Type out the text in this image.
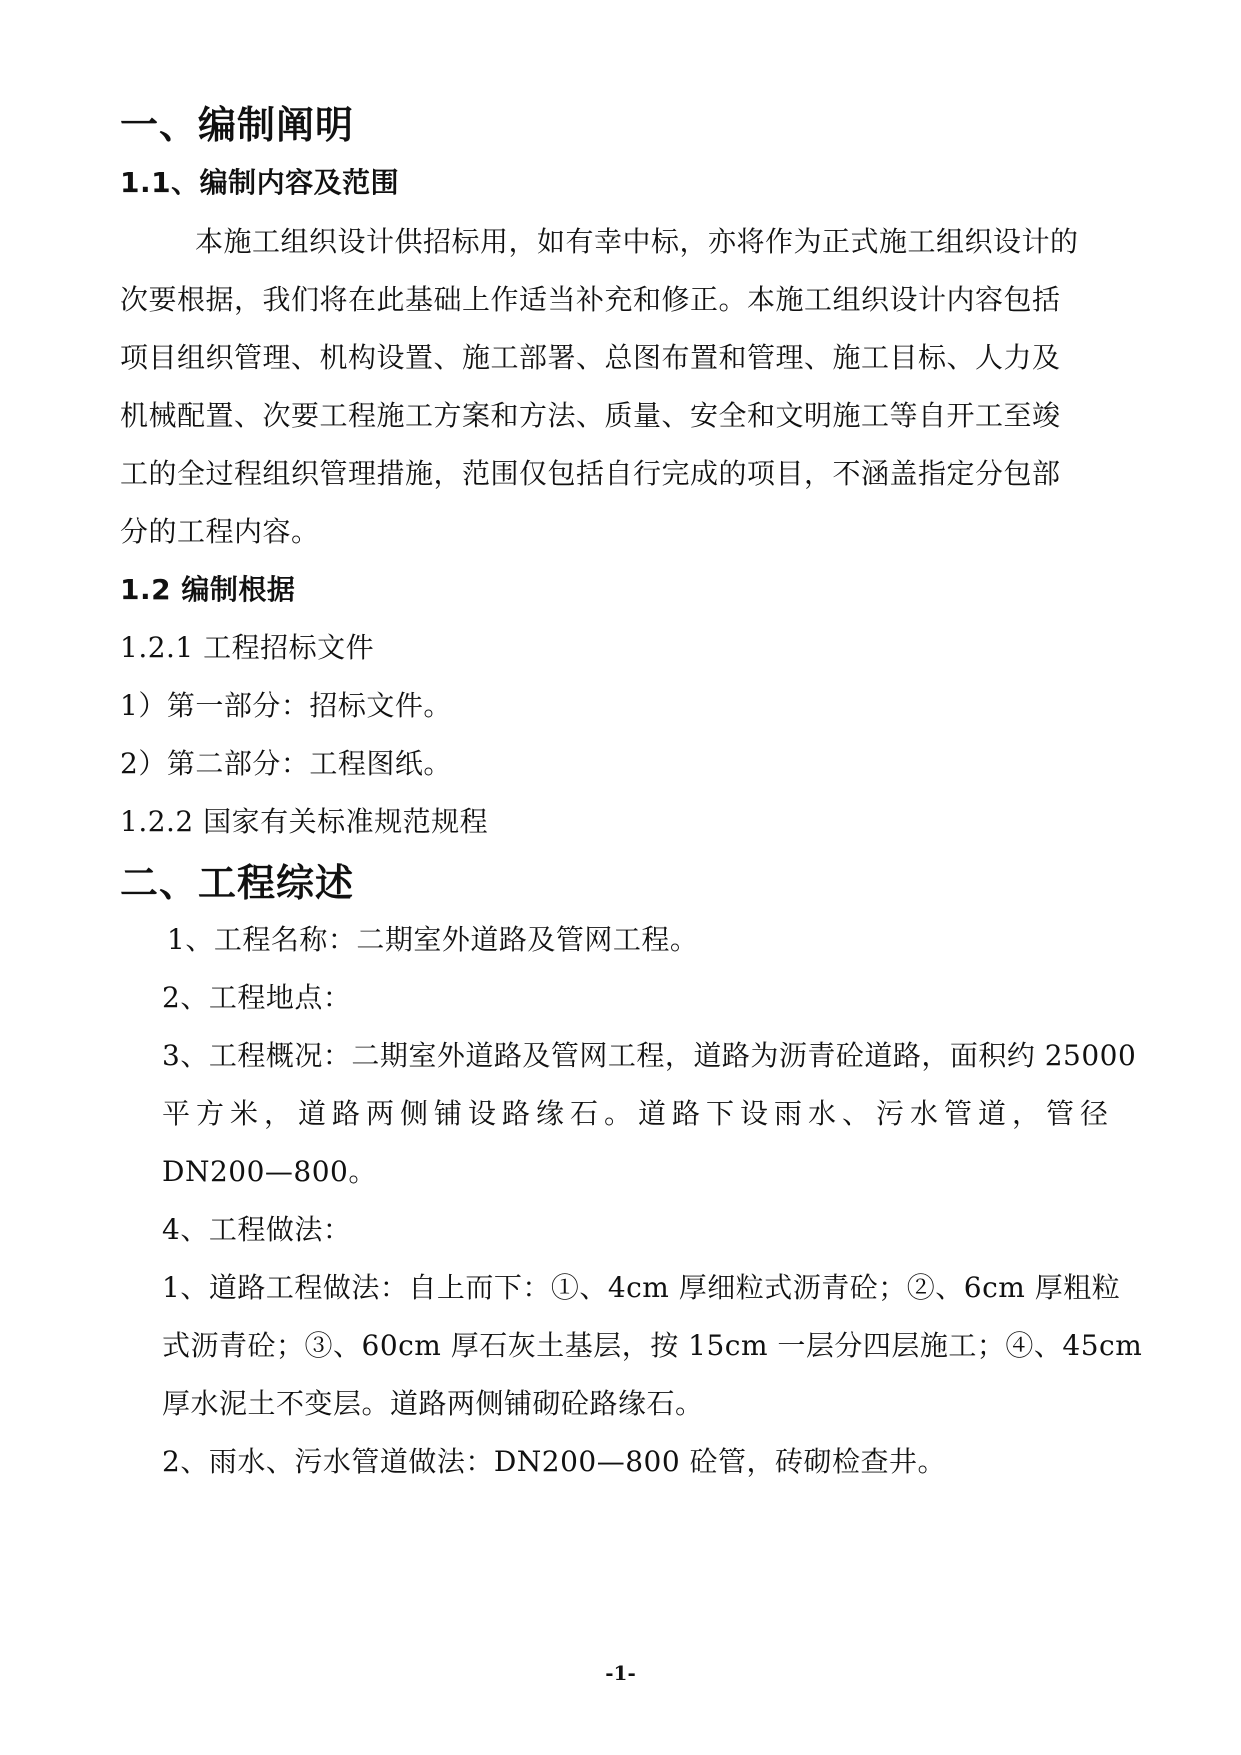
一、编制阐明
1.1、编制内容及范围
本施工组织设计供招标用，如有幸中标，亦将作为正式施工组织设计的
次要根据，我们将在此基础上作适当补充和修正。本施工组织设计内容包括
项目组织管理、机构设置、施工部署、总图布置和管理、施工目标、人力及
机械配置、次要工程施工方案和方法、质量、安全和文明施工等自开工至竣
工的全过程组织管理措施，范围仅包括自行完成的项目，不涵盖指定分包部
分的工程内容。
1.2 编制根据
1.2.1 工程招标文件
1）第一部分：招标文件。
2）第二部分：工程图纸。
1.2.2 国家有关标准规范规程
二、工程综述
1、工程名称：二期室外道路及管网工程。
2、工程地点：
3、工程概况：二期室外道路及管网工程，道路为沥青砼道路，面积约 25000
平方米，道路两侧铺设路缘石。道路下设雨水、污水管道，管径
DN200—800。
4、工程做法：
1、道路工程做法：自上而下：①、4cm 厚细粒式沥青砼；②、6cm 厚粗粒
式沥青砼；③、60cm 厚石灰土基层，按 15cm 一层分四层施工；④、45cm
厚水泥土不变层。道路两侧铺砌砼路缘石。
2、雨水、污水管道做法：DN200—800 砼管，砖砌检查井。
-1-
